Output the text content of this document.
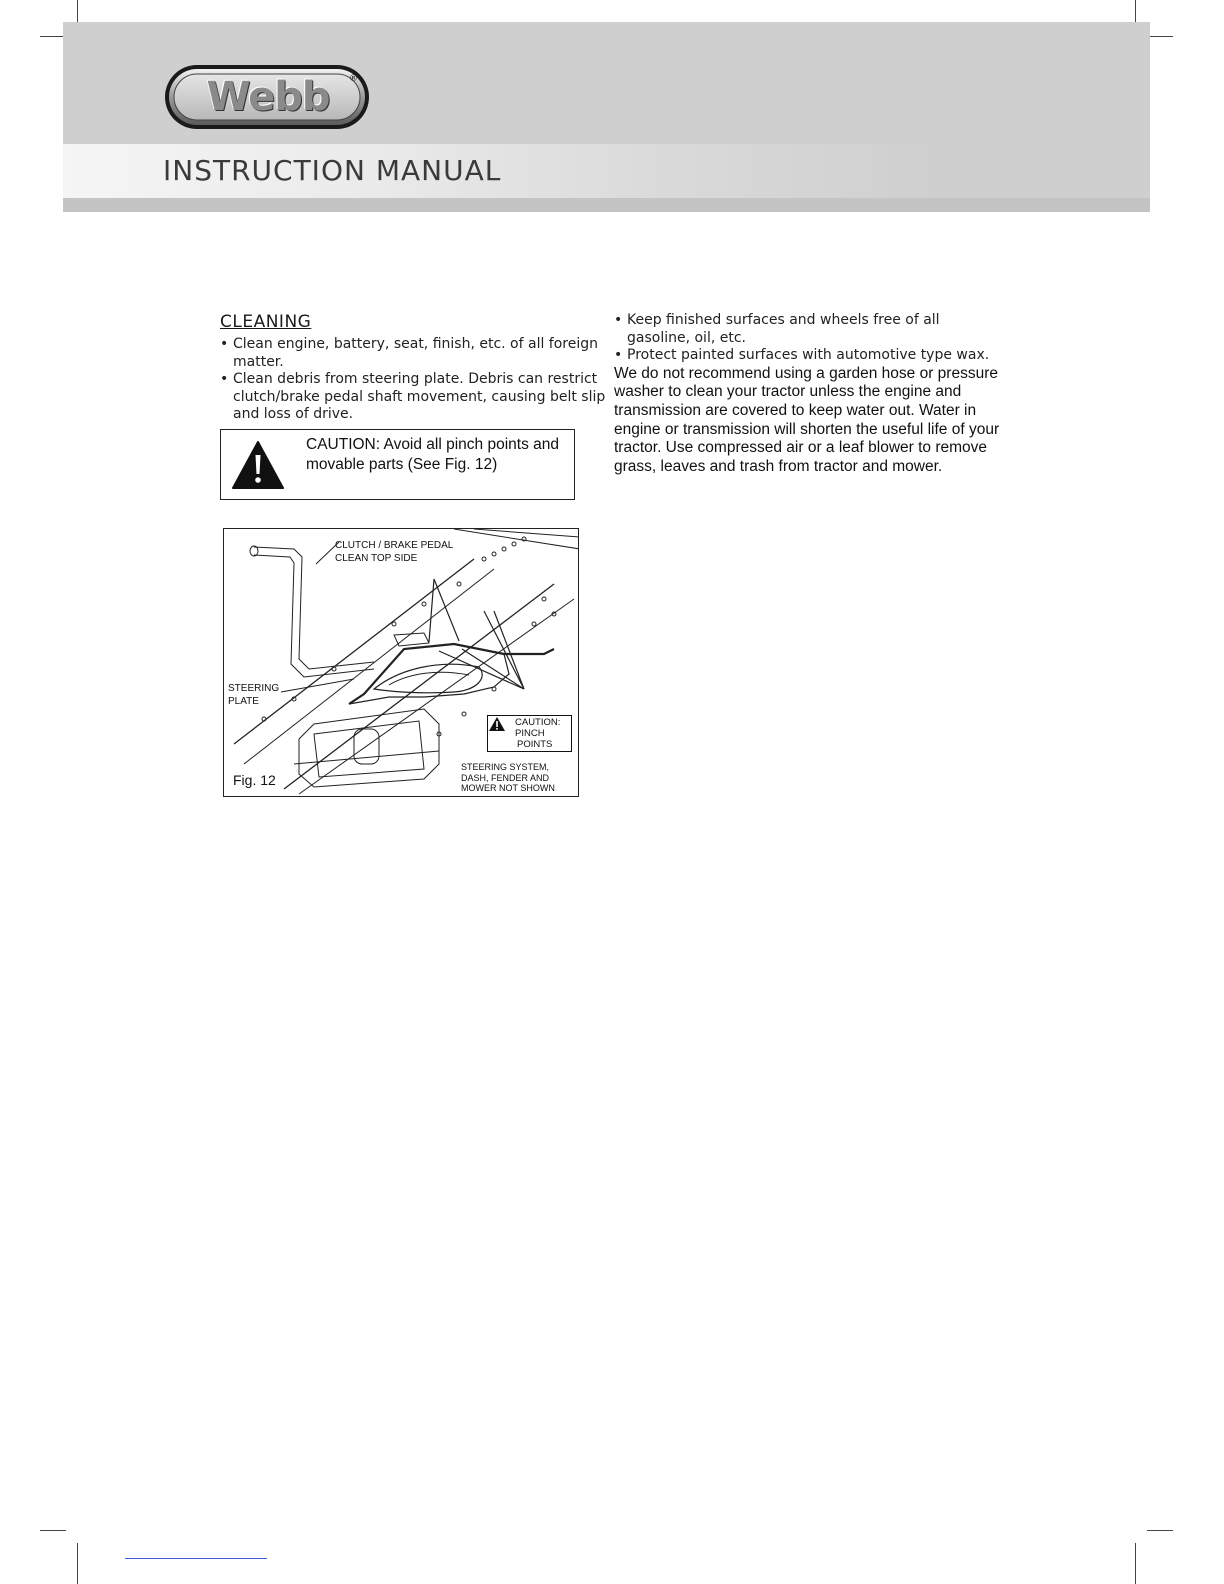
Webb	®
INSTRUCTION MANUAL
CLEANING
• Clean engine, battery, seat, finish, etc. of all foreign matter.
• Clean debris from steering plate. Debris can restrict clutch/brake pedal shaft movement, causing belt slip and loss of drive.
CAUTION: Avoid all pinch points and movable parts (See Fig. 12)
CLUTCH / BRAKE PEDAL
CLEAN TOP SIDE
STEERING
PLATE
CAUTION:
PINCH
POINTS
STEERING SYSTEM,
DASH, FENDER AND
MOWER NOT SHOWN
Fig. 12
• Keep finished surfaces and wheels free of all gasoline, oil, etc.
• Protect painted surfaces with automotive type wax.

We do not recommend using a garden hose or pressure washer to clean your tractor unless the engine and transmission are covered to keep water out. Water in engine or transmission will shorten the useful life of your tractor. Use compressed air or a leaf blower to remove grass, leaves and trash from tractor and mower.
